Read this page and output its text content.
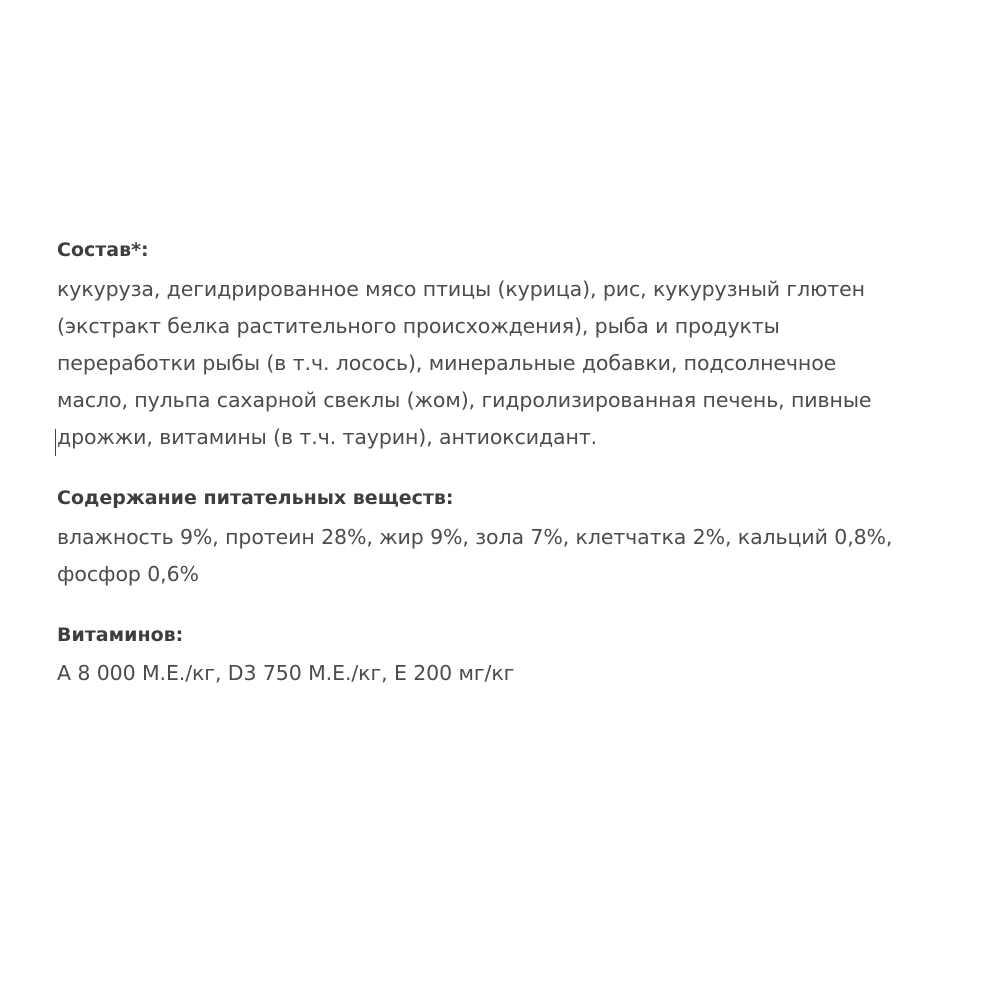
Состав*:
кукуруза, дегидрированное мясо птицы (курица), рис, кукурузный глютен
(экстракт белка растительного происхождения), рыба и продукты
переработки рыбы (в т.ч. лосось), минеральные добавки, подсолнечное
масло, пульпа сахарной свеклы (жом), гидролизированная печень, пивные
дрожжи, витамины (в т.ч. таурин), антиоксидант.
Содержание питательных веществ:
влажность 9%, протеин 28%, жир 9%, зола 7%, клетчатка 2%, кальций 0,8%,
фосфор 0,6%
Витаминов:
А 8 000 М.Е./кг, D3 750 М.Е./кг, Е 200 мг/кг
